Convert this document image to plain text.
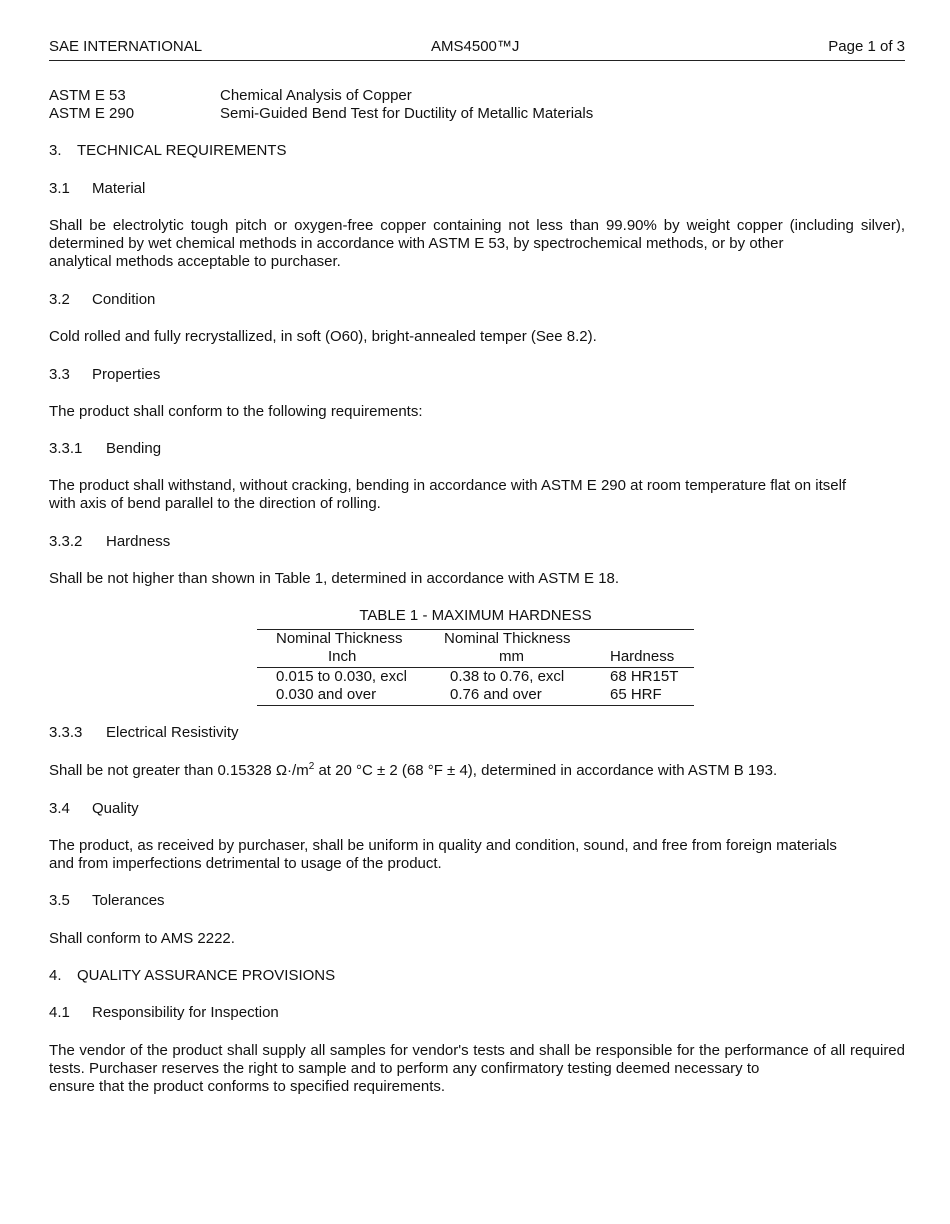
SAE INTERNATIONAL	AMS4500™J	Page 1 of 3
ASTM E 53	Chemical Analysis of Copper
ASTM E 290	Semi-Guided Bend Test for Ductility of Metallic Materials
3. TECHNICAL REQUIREMENTS
3.1 Material
Shall be electrolytic tough pitch or oxygen-free copper containing not less than 99.90% by weight copper (including silver), determined by wet chemical methods in accordance with ASTM E 53, by spectrochemical methods, or by other
analytical methods acceptable to purchaser.
3.2 Condition
Cold rolled and fully recrystallized, in soft (O60), bright-annealed temper (See 8.2).
3.3 Properties
The product shall conform to the following requirements:
3.3.1 Bending
The product shall withstand, without cracking, bending in accordance with ASTM E 290 at room temperature flat on itself
with axis of bend parallel to the direction of rolling.
3.3.2 Hardness
Shall be not higher than shown in Table 1, determined in accordance with ASTM E 18.
TABLE 1 - MAXIMUM HARDNESS
Nominal Thickness	Nominal Thickness
Inch	mm	Hardness
0.015 to 0.030, excl	0.38 to 0.76, excl	68 HR15T
0.030 and over	0.76 and over	65 HRF
3.3.3 Electrical Resistivity
Shall be not greater than 0.15328 $\Omega\cdot/m^2$ at 20 °C ± 2 (68 °F ± 4), determined in accordance with ASTM B 193.
3.4 Quality
The product, as received by purchaser, shall be uniform in quality and condition, sound, and free from foreign materials
and from imperfections detrimental to usage of the product.
3.5 Tolerances
Shall conform to AMS 2222.
4. QUALITY ASSURANCE PROVISIONS
4.1 Responsibility for Inspection
The vendor of the product shall supply all samples for vendor's tests and shall be responsible for the performance of all required tests. Purchaser reserves the right to sample and to perform any confirmatory testing deemed necessary to
ensure that the product conforms to specified requirements.
